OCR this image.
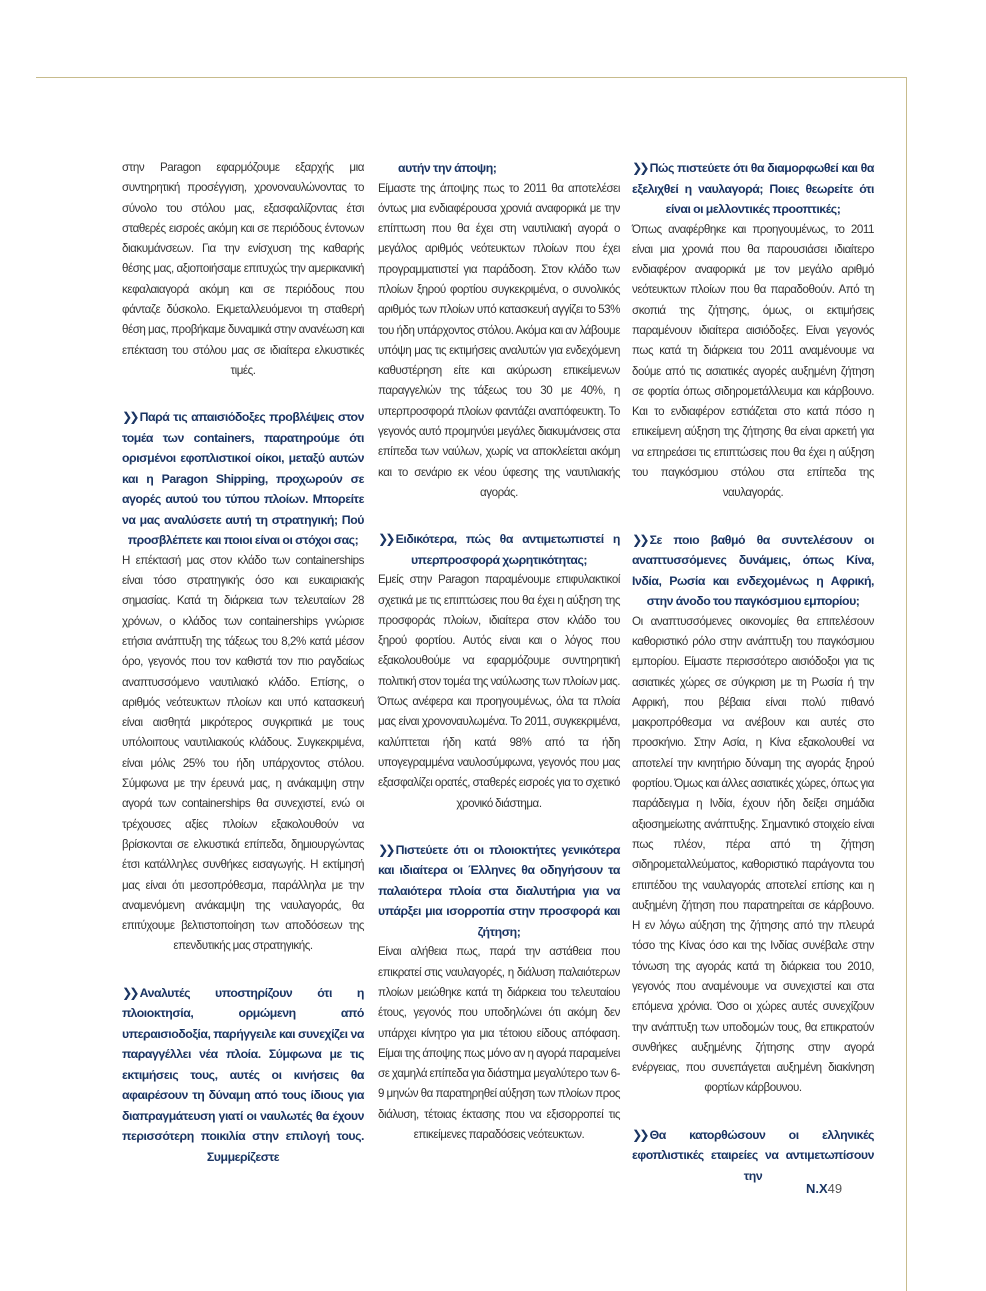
στην Paragon εφαρμόζουμε εξαρχής μια συντηρητική προσέγγιση, χρονοναυλώνοντας το σύνολο του στόλου μας, εξασφαλίζοντας έτσι σταθερές εισροές ακόμη και σε περιόδους έντονων διακυμάνσεων. Για την ενίσχυση της καθαρής θέσης μας, αξιοποιήσαμε επιτυχώς την αμερικανική κεφαλαιαγορά ακόμη και σε περιόδους που φάνταζε δύσκολο. Εκμεταλλευόμενοι τη σταθερή θέση μας, προβήκαμε δυναμικά στην ανανέωση και επέκταση του στόλου μας σε ιδιαίτερα ελκυστικές τιμές.

❯❯ Παρά τις απαισιόδοξες προβλέψεις στον τομέα των containers, παρατηρούμε ότι ορισμένοι εφοπλιστικοί οίκοι, μεταξύ αυτών και η Paragon Shipping, προχωρούν σε αγορές αυτού του τύπου πλοίων. Μπορείτε να μας αναλύσετε αυτή τη στρατηγική; Πού προσβλέπετε και ποιοι είναι οι στόχοι σας;

Η επέκτασή μας στον κλάδο των containerships είναι τόσο στρατηγικής όσο και ευκαιριακής σημασίας. Κατά τη διάρκεια των τελευταίων 28 χρόνων, ο κλάδος των containerships γνώρισε ετήσια ανάπτυξη της τάξεως του 8,2% κατά μέσον όρο, γεγονός που τον καθιστά τον πιο ραγδαίως αναπτυσσόμενο ναυτιλιακό κλάδο. Επίσης, ο αριθμός νεότευκτων πλοίων και υπό κατασκευή είναι αισθητά μικρότερος συγκριτικά με τους υπόλοιπους ναυτιλιακούς κλάδους. Συγκεκριμένα, είναι μόλις 25% του ήδη υπάρχοντος στόλου. Σύμφωνα με την έρευνά μας, η ανάκαμψη στην αγορά των containerships θα συνεχιστεί, ενώ οι τρέχουσες αξίες πλοίων εξακολουθούν να βρίσκονται σε ελκυστικά επίπεδα, δημιουργώντας έτσι κατάλληλες συνθήκες εισαγωγής. Η εκτίμησή μας είναι ότι μεσοπρόθεσμα, παράλληλα με την αναμενόμενη ανάκαμψη της ναυλαγοράς, θα επιτύχουμε βελτιστοποίηση των αποδόσεων της επενδυτικής μας στρατηγικής.

❯❯ Αναλυτές υποστηρίζουν ότι η πλοιοκτησία, ορμώμενη από υπεραισιοδοξία, παρήγγειλε και συνεχίζει να παραγγέλλει νέα πλοία. Σύμφωνα με τις εκτιμήσεις τους, αυτές οι κινήσεις θα αφαιρέσουν τη δύναμη από τους ίδιους για διαπραγμάτευση γιατί οι ναυλωτές θα έχουν περισσότερη ποικιλία στην επιλογή τους. Συμμερίζεστε

αυτήν την άποψη;

Είμαστε της άποψης πως το 2011 θα αποτελέσει όντως μια ενδιαφέρουσα χρονιά αναφορικά με την επίπτωση που θα έχει στη ναυτιλιακή αγορά ο μεγάλος αριθμός νεότευκτων πλοίων που έχει προγραμματιστεί για παράδοση. Στον κλάδο των πλοίων ξηρού φορτίου συγκεκριμένα, ο συνολικός αριθμός των πλοίων υπό κατασκευή αγγίζει το 53% του ήδη υπάρχοντος στόλου. Ακόμα και αν λάβουμε υπόψη μας τις εκτιμήσεις αναλυτών για ενδεχόμενη καθυστέρηση είτε και ακύρωση επικείμενων παραγγελιών της τάξεως του 30 με 40%, η υπερπροσφορά πλοίων φαντάζει αναπόφευκτη. Το γεγονός αυτό προμηνύει μεγάλες διακυμάνσεις στα επίπεδα των ναύλων, χωρίς να αποκλείεται ακόμη και το σενάριο εκ νέου ύφεσης της ναυτιλιακής αγοράς.

❯❯ Ειδικότερα, πώς θα αντιμετωπιστεί η υπερπροσφορά χωρητικότητας;

Εμείς στην Paragon παραμένουμε επιφυλακτικοί σχετικά με τις επιπτώσεις που θα έχει η αύξηση της προσφοράς πλοίων, ιδιαίτερα στον κλάδο του ξηρού φορτίου. Αυτός είναι και ο λόγος που εξακολουθούμε να εφαρμόζουμε συντηρητική πολιτική στον τομέα της ναύλωσης των πλοίων μας. Όπως ανέφερα και προηγουμένως, όλα τα πλοία μας είναι χρονοναυλωμένα. Το 2011, συγκεκριμένα, καλύπτεται ήδη κατά 98% από τα ήδη υπογεγραμμένα ναυλοσύμφωνα, γεγονός που μας εξασφαλίζει ορατές, σταθερές εισροές για το σχετικό χρονικό διάστημα.

❯❯ Πιστεύετε ότι οι πλοιοκτήτες γενικότερα και ιδιαίτερα οι Έλληνες θα οδηγήσουν τα παλαιότερα πλοία στα διαλυτήρια για να υπάρξει μια ισορροπία στην προσφορά και ζήτηση;

Είναι αλήθεια πως, παρά την αστάθεια που επικρατεί στις ναυλαγορές, η διάλυση παλαιότερων πλοίων μειώθηκε κατά τη διάρκεια του τελευταίου έτους, γεγονός που υποδηλώνει ότι ακόμη δεν υπάρχει κίνητρο για μια τέτοιου είδους απόφαση. Είμαι της άποψης πως μόνο αν η αγορά παραμείνει σε χαμηλά επίπεδα για διάστημα μεγαλύτερο των 6-9 μηνών θα παρατηρηθεί αύξηση των πλοίων προς διάλυση, τέτοιας έκτασης που να εξισορροπεί τις επικείμενες παραδόσεις νεότευκτων.

❯❯ Πώς πιστεύετε ότι θα διαμορφωθεί και θα εξελιχθεί η ναυλαγορά; Ποιες θεωρείτε ότι είναι οι μελλοντικές προοπτικές;

Όπως αναφέρθηκε και προηγουμένως, το 2011 είναι μια χρονιά που θα παρουσιάσει ιδιαίτερο ενδιαφέρον αναφορικά με τον μεγάλο αριθμό νεότευκτων πλοίων που θα παραδοθούν. Από τη σκοπιά της ζήτησης, όμως, οι εκτιμήσεις παραμένουν ιδιαίτερα αισιόδοξες. Είναι γεγονός πως κατά τη διάρκεια του 2011 αναμένουμε να δούμε από τις ασιατικές αγορές αυξημένη ζήτηση σε φορτία όπως σιδηρομετάλλευμα και κάρβουνο. Και το ενδιαφέρον εστιάζεται στο κατά πόσο η επικείμενη αύξηση της ζήτησης θα είναι αρκετή για να επηρεάσει τις επιπτώσεις που θα έχει η αύξηση του παγκόσμιου στόλου στα επίπεδα της ναυλαγοράς.

❯❯ Σε ποιο βαθμό θα συντελέσουν οι αναπτυσσόμενες δυνάμεις, όπως Κίνα, Ινδία, Ρωσία και ενδεχομένως η Αφρική, στην άνοδο του παγκόσμιου εμπορίου;

Οι αναπτυσσόμενες οικονομίες θα επιτελέσουν καθοριστικό ρόλο στην ανάπτυξη του παγκόσμιου εμπορίου. Είμαστε περισσότερο αισιόδοξοι για τις ασιατικές χώρες σε σύγκριση με τη Ρωσία ή την Αφρική, που βέβαια είναι πολύ πιθανό μακροπρόθεσμα να ανέβουν και αυτές στο προσκήνιο. Στην Ασία, η Κίνα εξακολουθεί να αποτελεί την κινητήριο δύναμη της αγοράς ξηρού φορτίου. Όμως και άλλες ασιατικές χώρες, όπως για παράδειγμα η Ινδία, έχουν ήδη δείξει σημάδια αξιοσημείωτης ανάπτυξης. Σημαντικό στοιχείο είναι πως πλέον, πέρα από τη ζήτηση σιδηρομεταλλεύματος, καθοριστικό παράγοντα του επιπέδου της ναυλαγοράς αποτελεί επίσης και η αυξημένη ζήτηση που παρατηρείται σε κάρβουνο. Η εν λόγω αύξηση της ζήτησης από την πλευρά τόσο της Κίνας όσο και της Ινδίας συνέβαλε στην τόνωση της αγοράς κατά τη διάρκεια του 2010, γεγονός που αναμένουμε να συνεχιστεί και στα επόμενα χρόνια. Όσο οι χώρες αυτές συνεχίζουν την ανάπτυξη των υποδομών τους, θα επικρατούν συνθήκες αυξημένης ζήτησης στην αγορά ενέργειας, που συνεπάγεται αυξημένη διακίνηση φορτίων κάρβουνου.

❯❯ Θα κατορθώσουν οι ελληνικές εφοπλιστικές εταιρείες να αντιμετωπίσουν την

N.X49
